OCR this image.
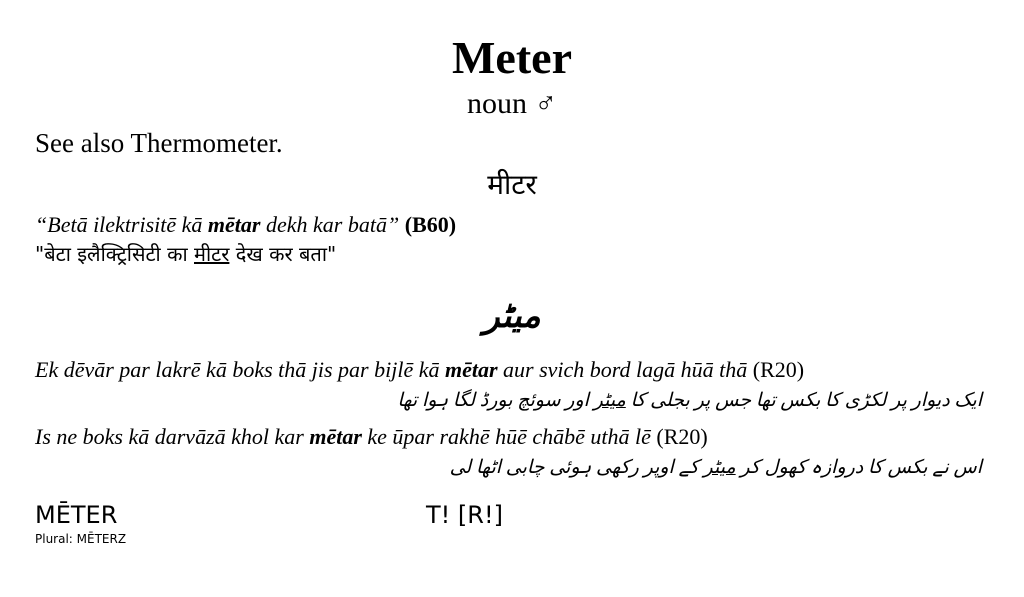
Meter
noun ♂
See also Thermometer.
मीटर
“Betā ilektrisitē kā mētar dekh kar batā” (B60)
"बेटा इलैक्ट्रिसिटी का मीटर देख कर बता"
میٹر
Ek dēvār par lakrē kā boks thā jis par bijlē kā mētar aur svich bord lagā hūā thā (R20)
ایک دیوار پر لکڑی کا بکس تھا جس پر بجلی کا میٹر اور سوئچ بورڈ لگا ہوا تھا
Is ne boks kā darvāzā khol kar mētar ke ūpar rakhē hūē chābē uthā lē (R20)
اس نے بکس کا دروازہ کھول کر میٹر کے اوپر رکھی ہوئی چابی اٹھا لی
MĒTER	T! [R!]
Plural: MĒTERZ
